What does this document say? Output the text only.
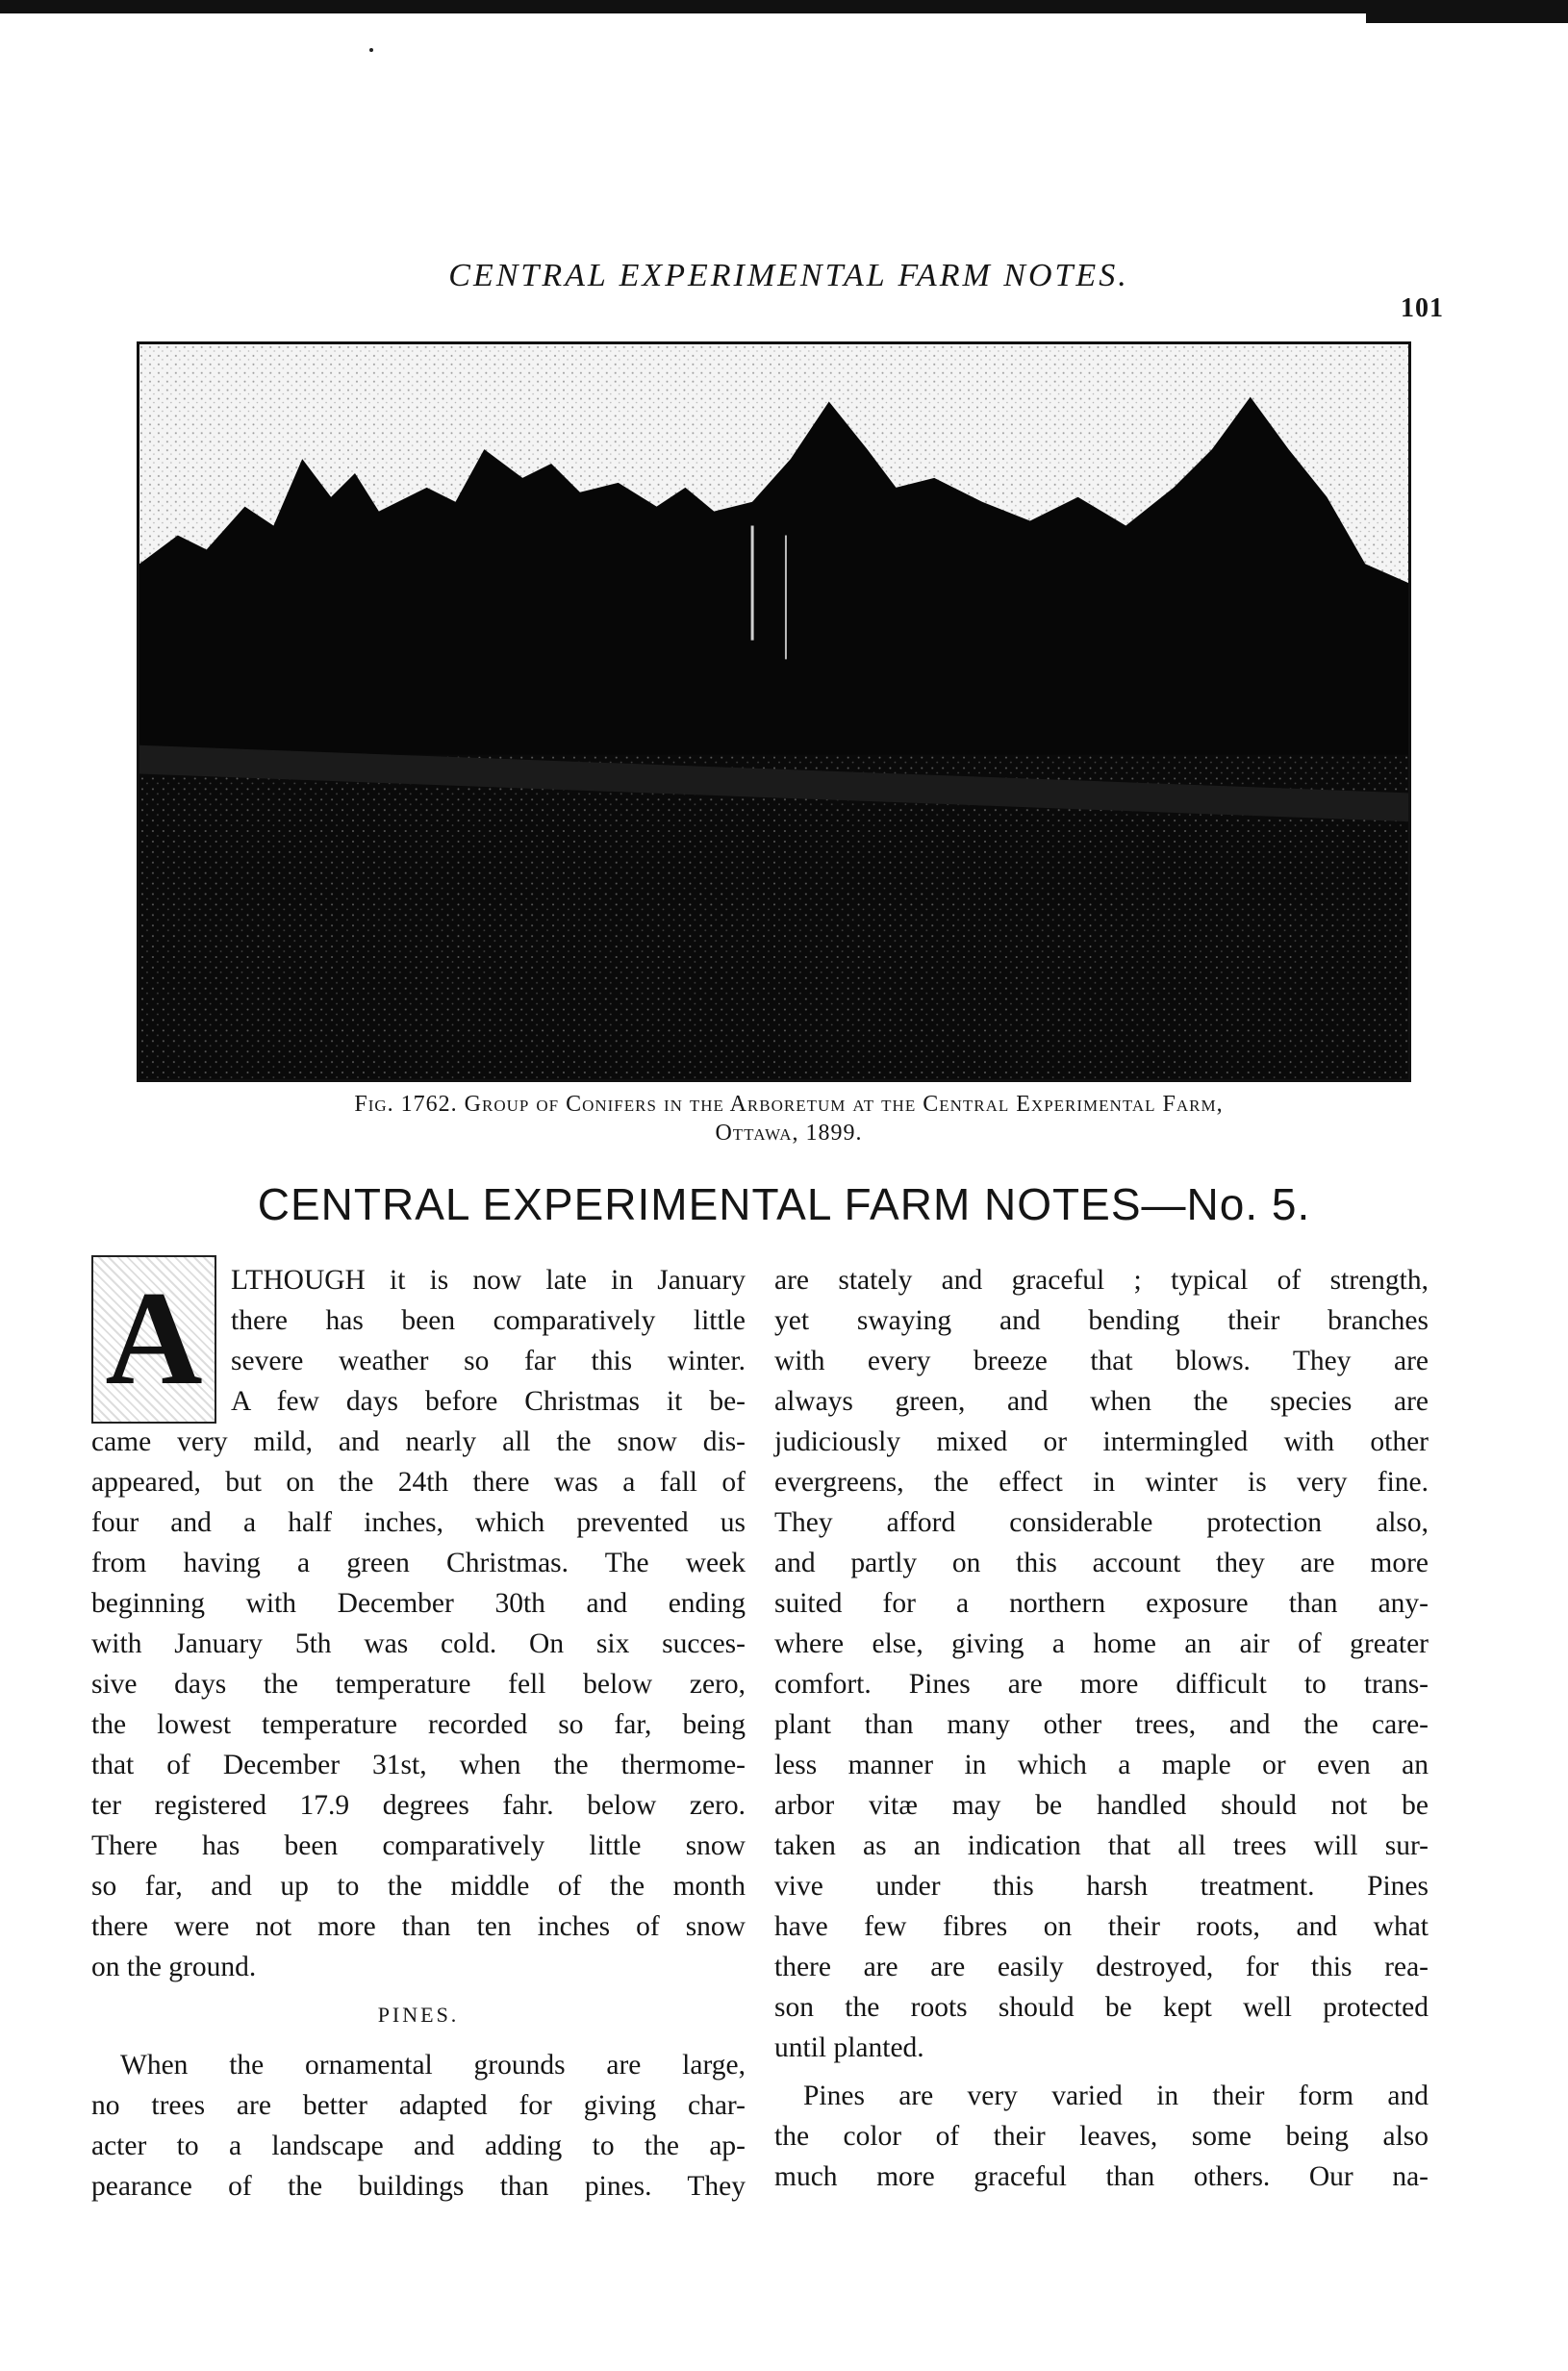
CENTRAL EXPERIMENTAL FARM NOTES.
101
Fig. 1762. Group of Conifers in the Arboretum at the Central Experimental Farm,
Ottawa, 1899.
CENTRAL EXPERIMENTAL FARM NOTES—No. 5.
A LTHOUGH it is now late in January
there has been comparatively little
severe weather so far this winter.
A few days before Christmas it be-
came very mild, and nearly all the snow dis-
appeared, but on the 24th there was a fall of
four and a half inches, which prevented us
from having a green Christmas. The week
beginning with December 30th and ending
with January 5th was cold. On six succes-
sive days the temperature fell below zero,
the lowest temperature recorded so far, being
that of December 31st, when the thermome-
ter registered 17.9 degrees fahr. below zero.
There has been comparatively little snow
so far, and up to the middle of the month
there were not more than ten inches of snow
on the ground.
PINES.
When the ornamental grounds are large,
no trees are better adapted for giving char-
acter to a landscape and adding to the ap-
pearance of the buildings than pines. They
are stately and graceful ; typical of strength,
yet swaying and bending their branches
with every breeze that blows. They are
always green, and when the species are
judiciously mixed or intermingled with other
evergreens, the effect in winter is very fine.
They afford considerable protection also,
and partly on this account they are more
suited for a northern exposure than any-
where else, giving a home an air of greater
comfort. Pines are more difficult to trans-
plant than many other trees, and the care-
less manner in which a maple or even an
arbor vitæ may be handled should not be
taken as an indication that all trees will sur-
vive under this harsh treatment. Pines
have few fibres on their roots, and what
there are are easily destroyed, for this rea-
son the roots should be kept well protected
until planted.
Pines are very varied in their form and
the color of their leaves, some being also
much more graceful than others. Our na-
